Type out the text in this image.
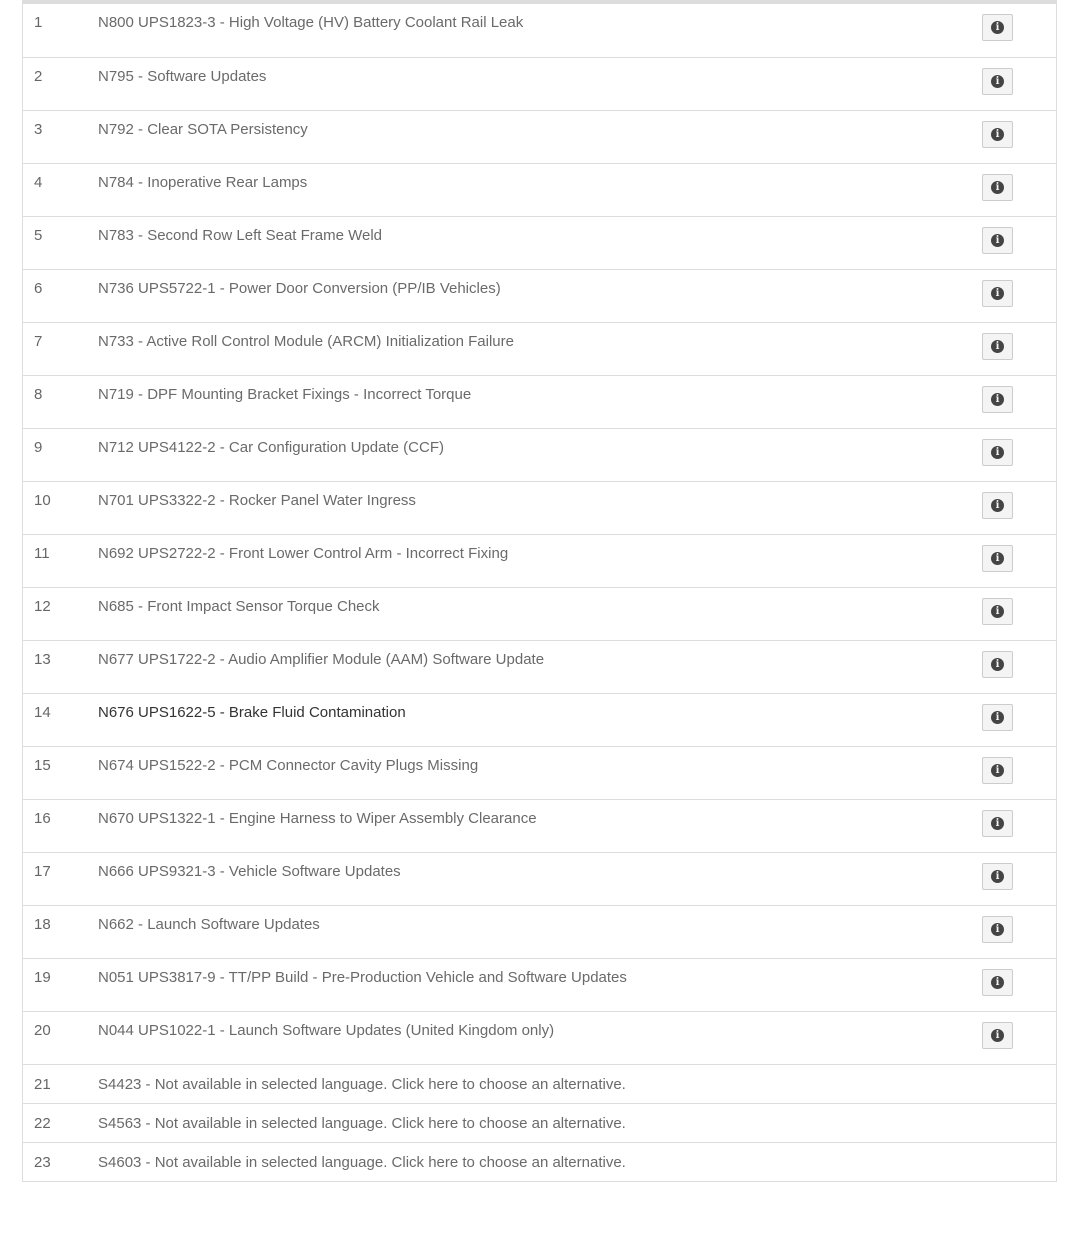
1	N800 UPS1823-3 - High Voltage (HV) Battery Coolant Rail Leak	i
2	N795 - Software Updates	i
3	N792 - Clear SOTA Persistency	i
4	N784 - Inoperative Rear Lamps	i
5	N783 - Second Row Left Seat Frame Weld	i
6	N736 UPS5722-1 - Power Door Conversion (PP/IB Vehicles)	i
7	N733 - Active Roll Control Module (ARCM) Initialization Failure	i
8	N719 - DPF Mounting Bracket Fixings - Incorrect Torque	i
9	N712 UPS4122-2 - Car Configuration Update (CCF)	i
10	N701 UPS3322-2 - Rocker Panel Water Ingress	i
11	N692 UPS2722-2 - Front Lower Control Arm - Incorrect Fixing	i
12	N685 - Front Impact Sensor Torque Check	i
13	N677 UPS1722-2 - Audio Amplifier Module (AAM) Software Update	i
14	N676 UPS1622-5 - Brake Fluid Contamination	i
15	N674 UPS1522-2 - PCM Connector Cavity Plugs Missing	i
16	N670 UPS1322-1 - Engine Harness to Wiper Assembly Clearance	i
17	N666 UPS9321-3 - Vehicle Software Updates	i
18	N662 - Launch Software Updates	i
19	N051 UPS3817-9 - TT/PP Build - Pre-Production Vehicle and Software Updates	i
20	N044 UPS1022-1 - Launch Software Updates (United Kingdom only)	i
21	S4423 - Not available in selected language. Click here to choose an alternative.
22	S4563 - Not available in selected language. Click here to choose an alternative.
23	S4603 - Not available in selected language. Click here to choose an alternative.
